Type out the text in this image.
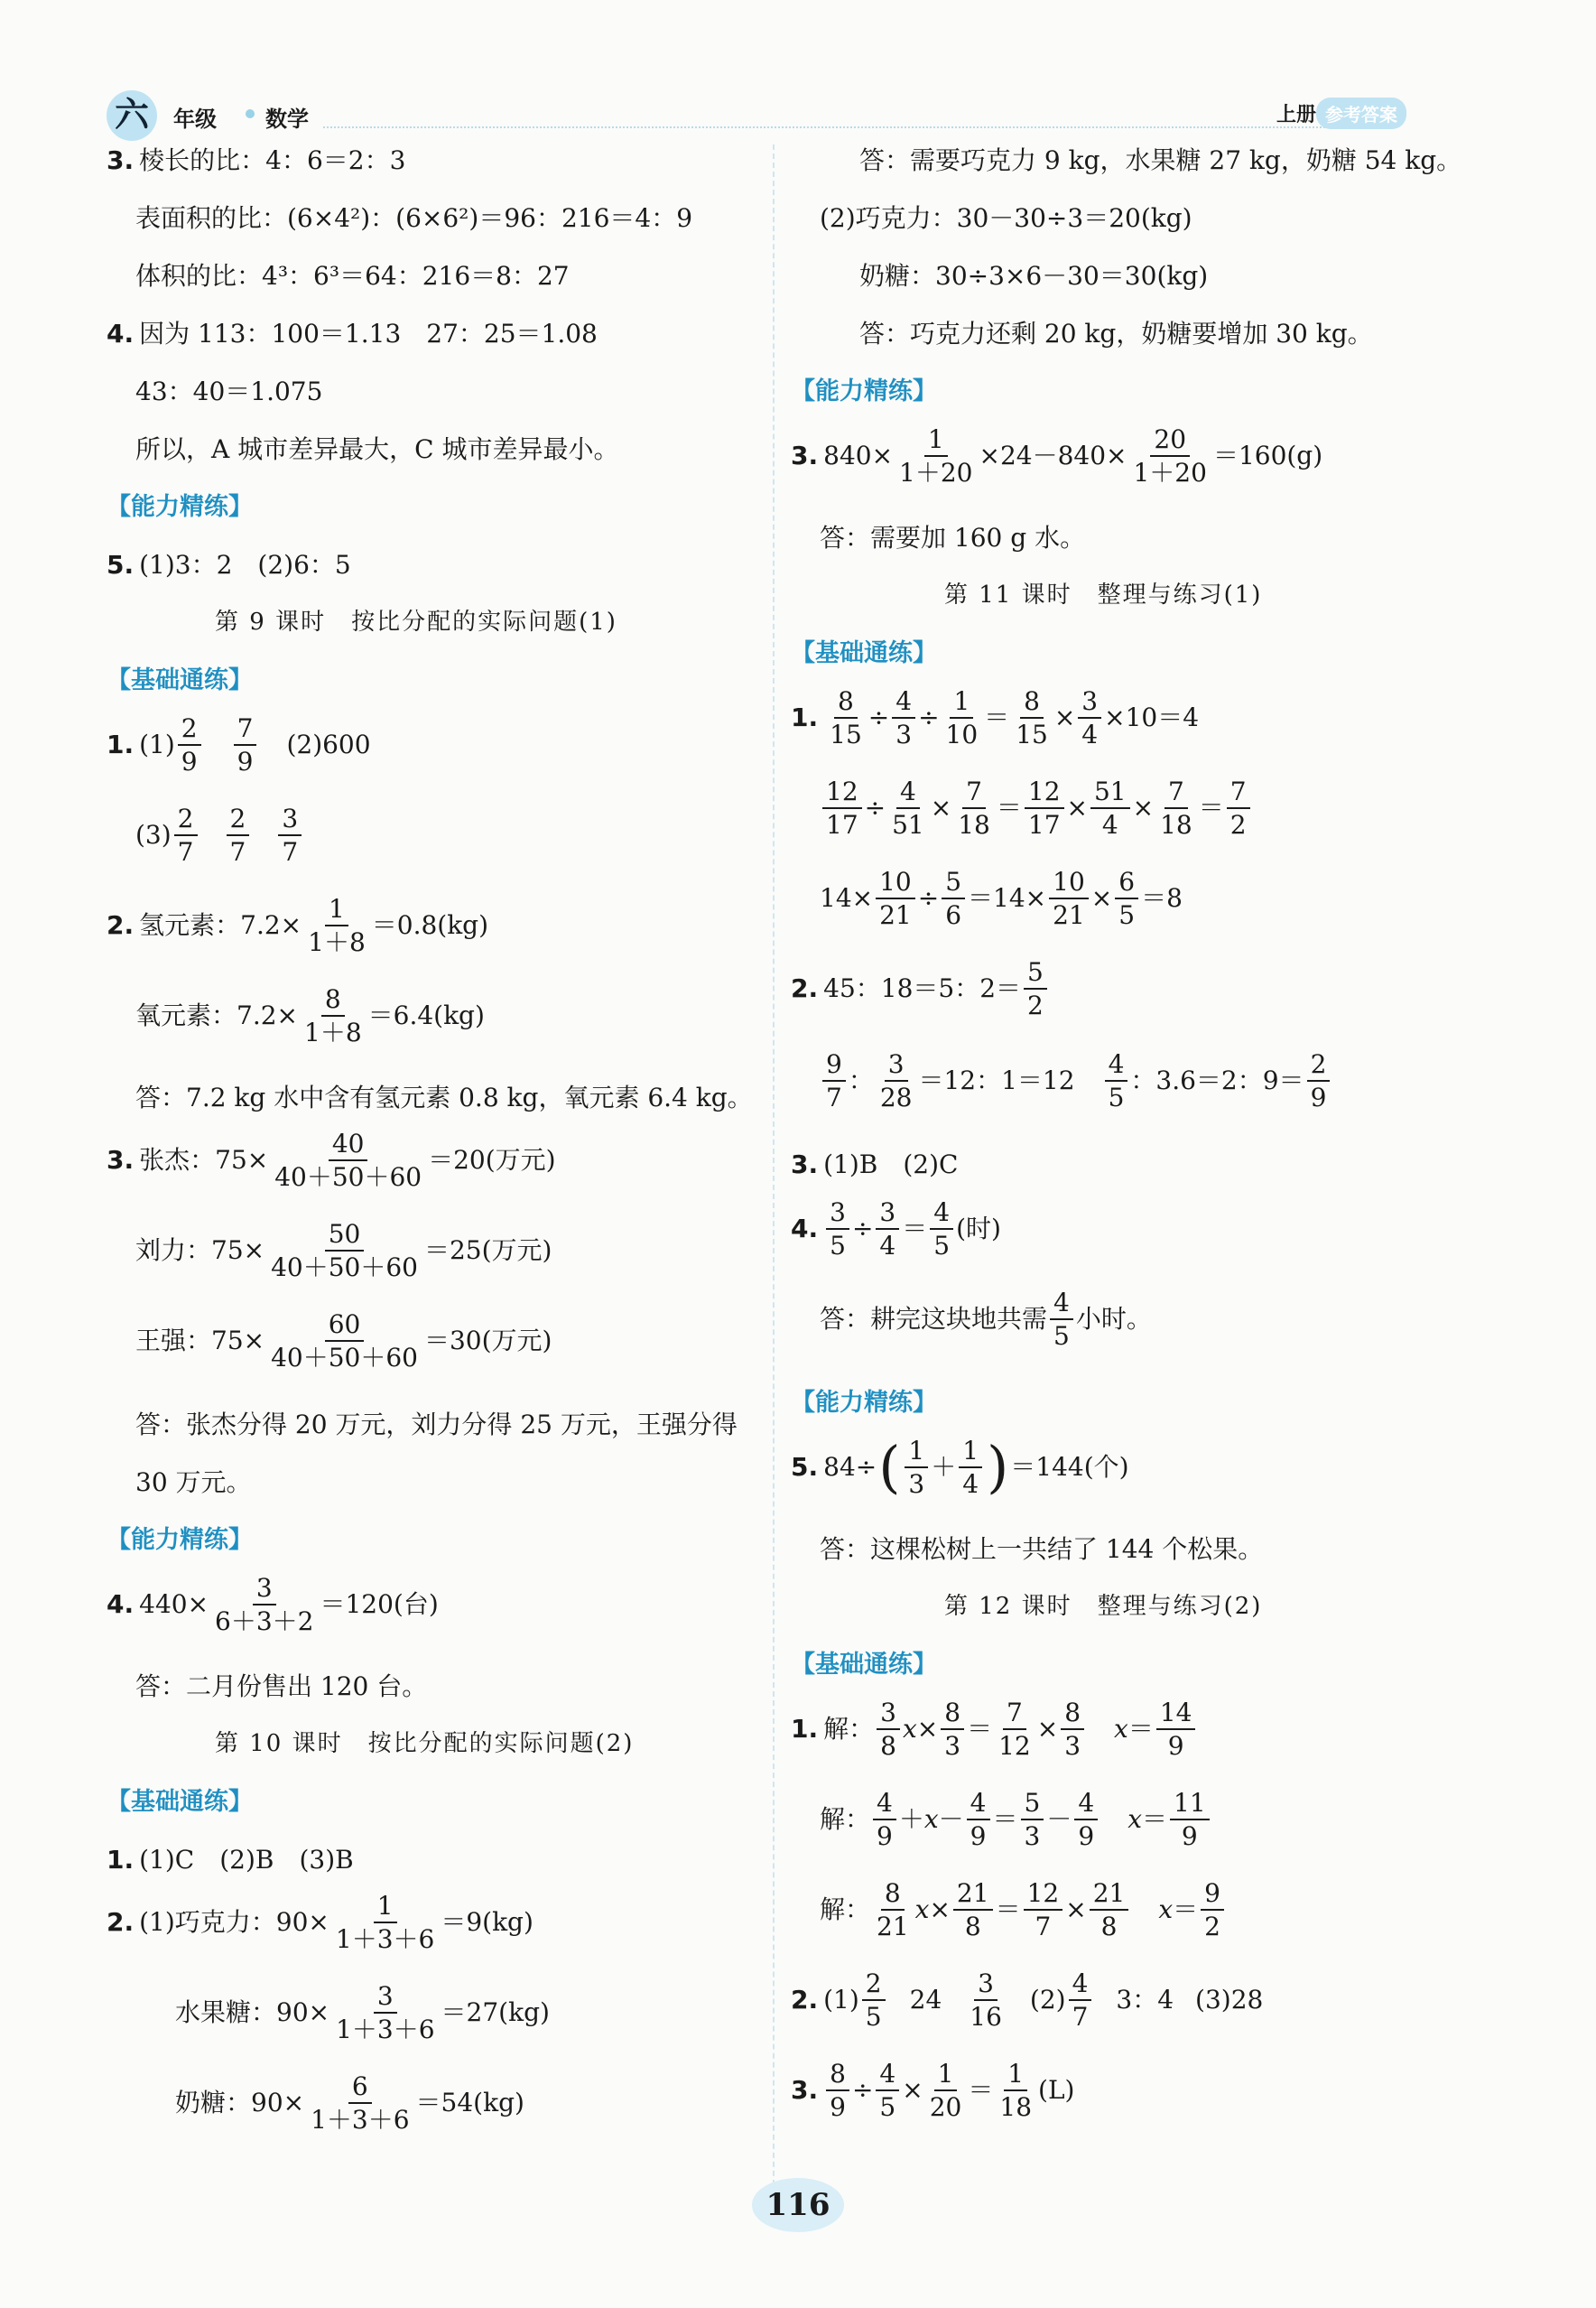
六	年级 数学	上册 参考答案
3. 棱长的比：4：6＝2：3
表面积的比：(6×4²)：(6×6²)＝96：216＝4：9
体积的比：4³：6³＝64：216＝8：27
4. 因为 113：100＝1.13　27：25＝1.08
43：40＝1.075
所以，A 城市差异最大，C 城市差异最小。
【能力精练】
5. (1)3：2　(2)6：5
第 9 课时　按比分配的实际问题(1)
【基础通练】
1. $(1) \frac{2}{9} \frac{7}{9} (2)600$
$(3) \frac{2}{7} \frac{2}{7} \frac{3}{7}$
2. 氢元素：$7.2\times \frac{1}{1+8} =0.8(kg)$
氧元素：$7.2\times \frac{8}{1+8} =6.4(kg)$
答：7.2 kg 水中含有氢元素 0.8 kg，氧元素 6.4 kg。
3. 张杰：$75\times \frac{40}{40+50+60} =20$(万元)
刘力：$75\times \frac{50}{40+50+60} =25$(万元)
王强：$75\times \frac{60}{40+50+60} =30$(万元)
答：张杰分得 20 万元，刘力分得 25 万元，王强分得
30 万元。
【能力精练】
4. $440\times \frac{3}{6+3+2} =120$(台)
答：二月份售出 120 台。
第 10 课时　按比分配的实际问题(2)
【基础通练】
1. (1)C　(2)B　(3)B
2. (1)巧克力：$90\times \frac{1}{1+3+6} =9(kg)$
水果糖：$90\times \frac{3}{1+3+6} =27(kg)$
奶糖：$90\times \frac{6}{1+3+6} =54(kg)$
答：需要巧克力 9 kg，水果糖 27 kg，奶糖 54 kg。
(2)巧克力：30－30÷3＝20(kg)
奶糖：30÷3×6－30＝30(kg)
答：巧克力还剩 20 kg，奶糖要增加 30 kg。
【能力精练】
3. $840\times \frac{1}{1+20} \times 24-840\times \frac{20}{1+20} =160(g)$
答：需要加 160 g 水。
第 11 课时　整理与练习(1)
【基础通练】
1. $\frac{8}{15} \div \frac{4}{3} \div \frac{1}{10} = \frac{8}{15} \times \frac{3}{4} \times 10=4$
$\frac{12}{17} \div \frac{4}{51} \times \frac{7}{18} = \frac{12}{17} \times \frac{51}{4} \times \frac{7}{18} = \frac{7}{2}$
$14\times \frac{10}{21} \div \frac{5}{6} =14\times \frac{10}{21} \times \frac{6}{5} =8$
2. 45：18＝5：$2= \frac{5}{2}$
$\frac{9}{7}$ ： $\frac{3}{28} =12$：$1=12 \frac{4}{5}$ ：3.6＝2：$9= \frac{2}{9}$
3. (1)B　(2)C
4. $\frac{3}{5} \div \frac{3}{4} = \frac{4}{5}$ (时)
答：耕完这块地共需 $\frac{4}{5}$ 小时。
【能力精练】
5. 84÷ ( $\frac{1}{3} + \frac{1}{4}$ ) ＝144(个)
答：这棵松树上一共结了 144 个松果。
第 12 课时　整理与练习(2)
【基础通练】
1. 解： $\frac{3}{8}$ $x \times \frac{8}{3} = \frac{7}{12} \times \frac{8}{3}$ $x = \frac{14}{9}$
解： $\frac{4}{9} + x - \frac{4}{9} = \frac{5}{3} - \frac{4}{9}$ $x = \frac{11}{9}$
解： $\frac{8}{21}$ $x \times \frac{21}{8} = \frac{12}{7} \times \frac{21}{8}$ $x = \frac{9}{2}$
2. $(1) \frac{2}{5} 24 \frac{3}{16} (2) \frac{4}{7} 3$：4 (3)28
3. $\frac{8}{9} \div \frac{4}{5} \times \frac{1}{20} = \frac{1}{18} (L)$
116
